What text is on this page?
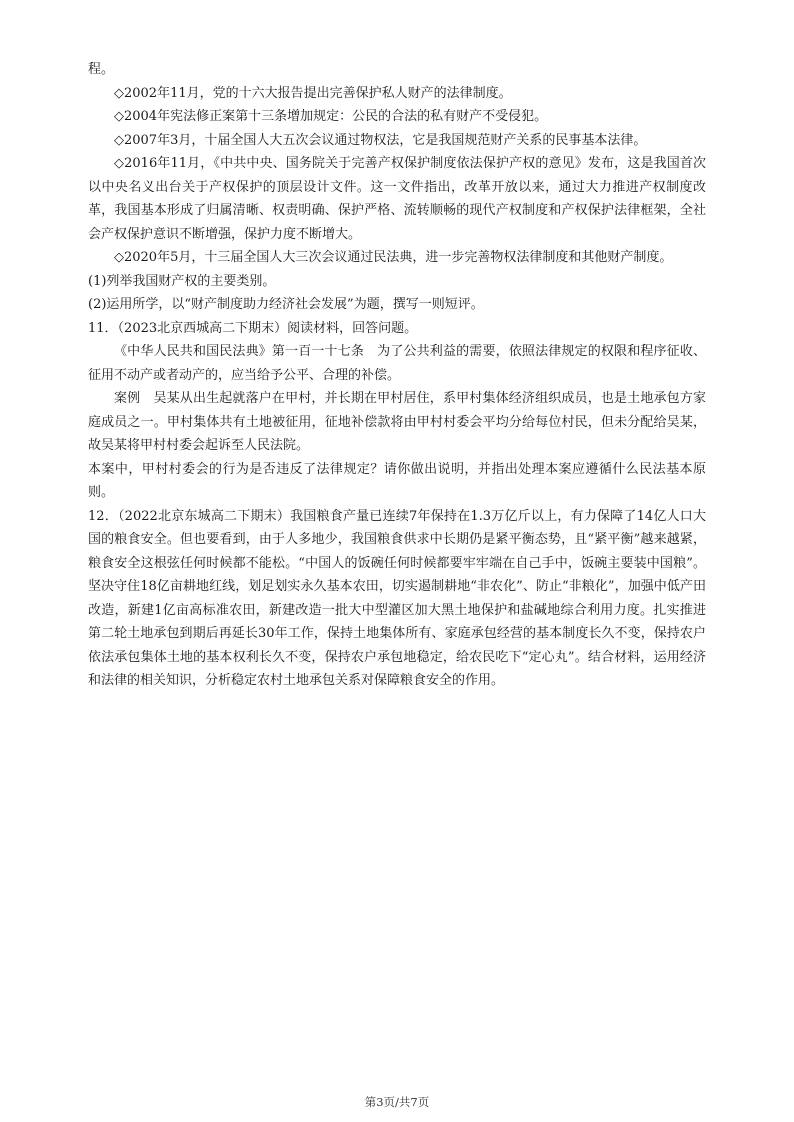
程。

◇2002年11月，党的十六大报告提出完善保护私人财产的法律制度。

◇2004年宪法修正案第十三条增加规定：公民的合法的私有财产不受侵犯。

◇2007年3月，十届全国人大五次会议通过物权法，它是我国规范财产关系的民事基本法律。

◇2016年11月，《中共中央、国务院关于完善产权保护制度依法保护产权的意见》发布，这是我国首次以中央名义出台关于产权保护的顶层设计文件。这一文件指出，改革开放以来，通过大力推进产权制度改革，我国基本形成了归属清晰、权责明确、保护严格、流转顺畅的现代产权制度和产权保护法律框架，全社会产权保护意识不断增强，保护力度不断增大。

◇2020年5月，十三届全国人大三次会议通过民法典，进一步完善物权法律制度和其他财产制度。

(1)列举我国财产权的主要类别。

(2)运用所学，以“财产制度助力经济社会发展”为题，撰写一则短评。

11．（2023北京西城高二下期末）阅读材料，回答问题。

《中华人民共和国民法典》第一百一十七条　为了公共利益的需要，依照法律规定的权限和程序征收、征用不动产或者动产的，应当给予公平、合理的补偿。

案例　吴某从出生起就落户在甲村，并长期在甲村居住，系甲村集体经济组织成员，也是土地承包方家庭成员之一。甲村集体共有土地被征用，征地补偿款将由甲村村委会平均分给每位村民，但未分配给吴某，故吴某将甲村村委会起诉至人民法院。

本案中，甲村村委会的行为是否违反了法律规定？请你做出说明，并指出处理本案应遵循什么民法基本原则。

12．（2022北京东城高二下期末）我国粮食产量已连续7年保持在1.3万亿斤以上，有力保障了14亿人口大国的粮食安全。但也要看到，由于人多地少，我国粮食供求中长期仍是紧平衡态势，且“紧平衡”越来越紧，粮食安全这根弦任何时候都不能松。“中国人的饭碗任何时候都要牢牢端在自己手中，饭碗主要装中国粮”。坚决守住18亿亩耕地红线，划足划实永久基本农田，切实遏制耕地“非农化”、防止“非粮化”，加强中低产田改造，新建1亿亩高标准农田，新建改造一批大中型灌区加大黑土地保护和盐碱地综合利用力度。扎实推进第二轮土地承包到期后再延长30年工作，保持土地集体所有、家庭承包经营的基本制度长久不变，保持农户依法承包集体土地的基本权利长久不变，保持农户承包地稳定，给农民吃下“定心丸”。结合材料，运用经济和法律的相关知识，分析稳定农村土地承包关系对保障粮食安全的作用。

第3页/共7页
